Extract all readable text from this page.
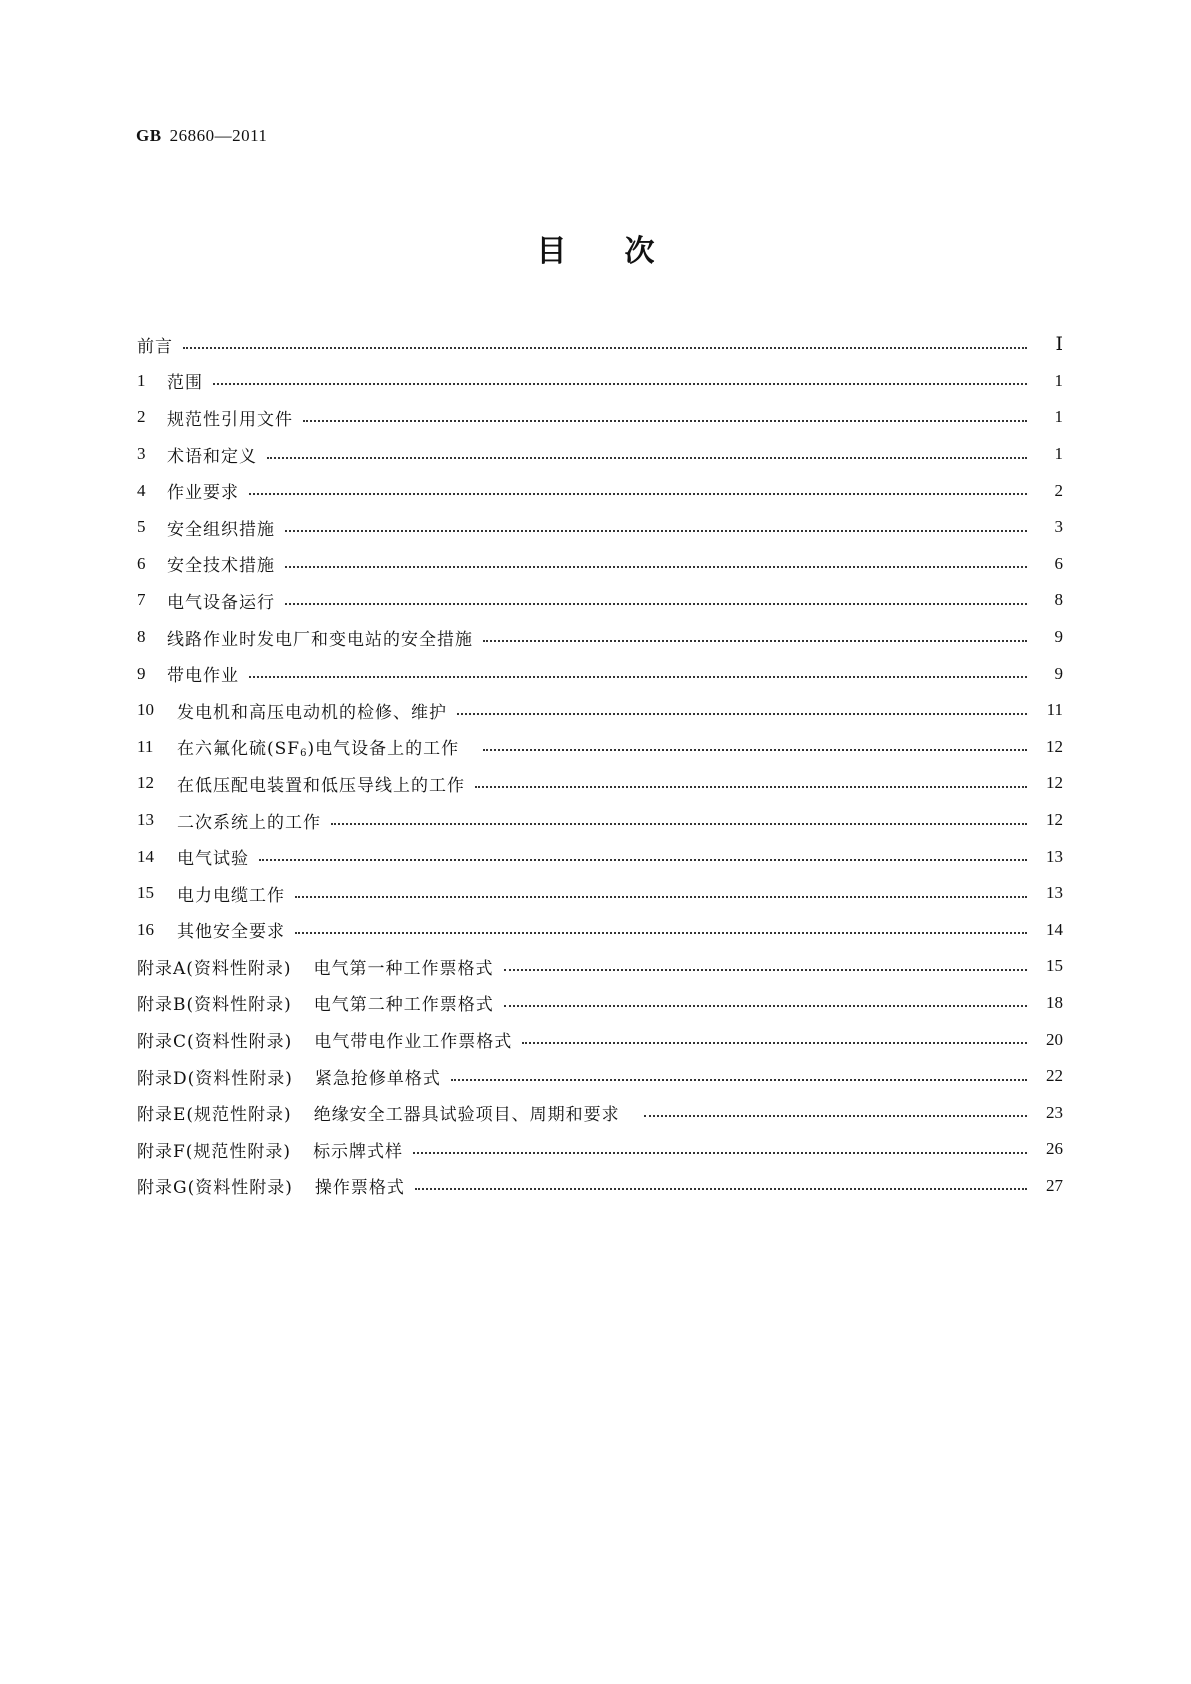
GB 26860—2011
目 次
前言	Ⅰ
1	范围	1
2	规范性引用文件	1
3	术语和定义	1
4	作业要求	2
5	安全组织措施	3
6	安全技术措施	6
7	电气设备运行	8
8	线路作业时发电厂和变电站的安全措施	9
9	带电作业	9
10	发电机和高压电动机的检修、维护	11
11	在六氟化硫$(SF_6)$电气设备上的工作	12
12	在低压配电装置和低压导线上的工作	12
13	二次系统上的工作	12
14	电气试验	13
15	电力电缆工作	13
16	其他安全要求	14
附录A(资料性附录) 电气第一种工作票格式	15
附录B(资料性附录) 电气第二种工作票格式	18
附录C(资料性附录) 电气带电作业工作票格式	20
附录D(资料性附录) 紧急抢修单格式	22
附录E(规范性附录) 绝缘安全工器具试验项目、周期和要求	23
附录F(规范性附录) 标示牌式样	26
附录G(资料性附录) 操作票格式	27
